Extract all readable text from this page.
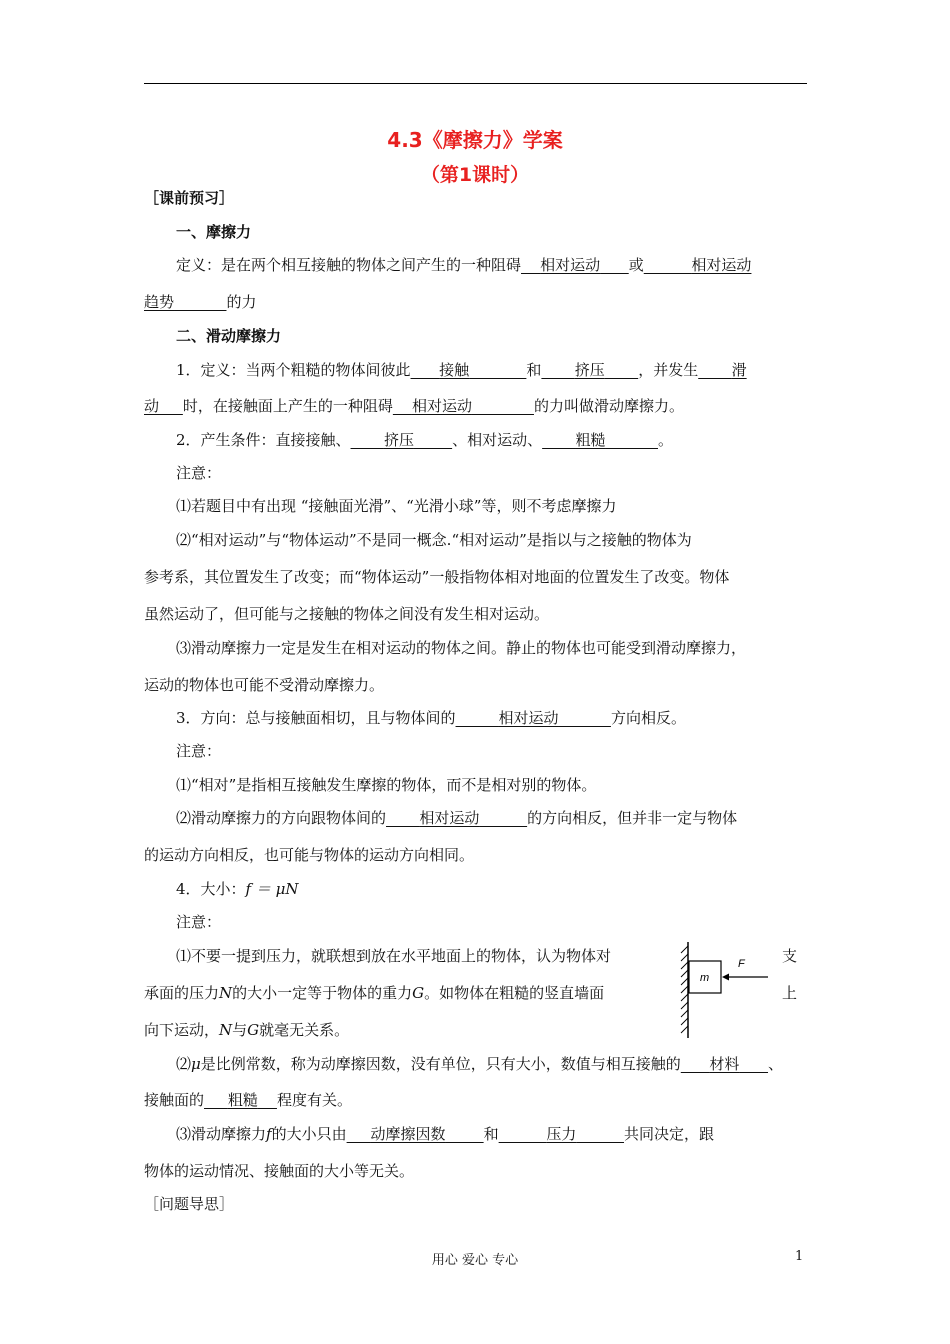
4.3《摩擦力》学案
（第1课时）
［课前预习］
一、摩擦力
定义：是在两个相互接触的物体之间产生的一种阻碍 相对运动 或	相对运动
趋势	的力
二、滑动摩擦力
1．定义：当两个粗糙的物体间彼此 接触	和 挤压 ，并发生 滑
动 时，在接触面上产生的一种阻碍 相对运动	的力叫做滑动摩擦力。
2．产生条件：直接接触、 挤压	、相对运动、 粗糙	。
注意：
⑴若题目中有出现 “接触面光滑”、“光滑小球”等，则不考虑摩擦力
⑵“相对运动”与“物体运动”不是同一概念.“相对运动”是指以与之接触的物体为
参考系，其位置发生了改变；而“物体运动”一般指物体相对地面的位置发生了改变。物体
虽然运动了，但可能与之接触的物体之间没有发生相对运动。
⑶滑动摩擦力一定是发生在相对运动的物体之间。静止的物体也可能受到滑动摩擦力，
运动的物体也可能不受滑动摩擦力。
3．方向：总与接触面相切，且与物体间的	相对运动	方向相反。
注意：
⑴“相对”是指相互接触发生摩擦的物体，而不是相对别的物体。
⑵滑动摩擦力的方向跟物体间的 相对运动	的方向相反，但并非一定与物体
的运动方向相反，也可能与物体的运动方向相同。
4．大小：f ＝ μN
注意：
⑴不要一提到压力，就联想到放在水平地面上的物体，认为物体对	支
承面的压力N的大小一定等于物体的重力G。如物体在粗糙的竖直墙面	上
向下运动，N与G就毫无关系。
m
F
⑵μ是比例常数，称为动摩擦因数，没有单位，只有大小，数值与相互接触的 材料 、
接触面的 粗糙 程度有关。
⑶滑动摩擦力f的大小只由 动摩擦因数	和	压力	共同决定，跟
物体的运动情况、接触面的大小等无关。
［问题导思］
用心 爱心 专心	1
